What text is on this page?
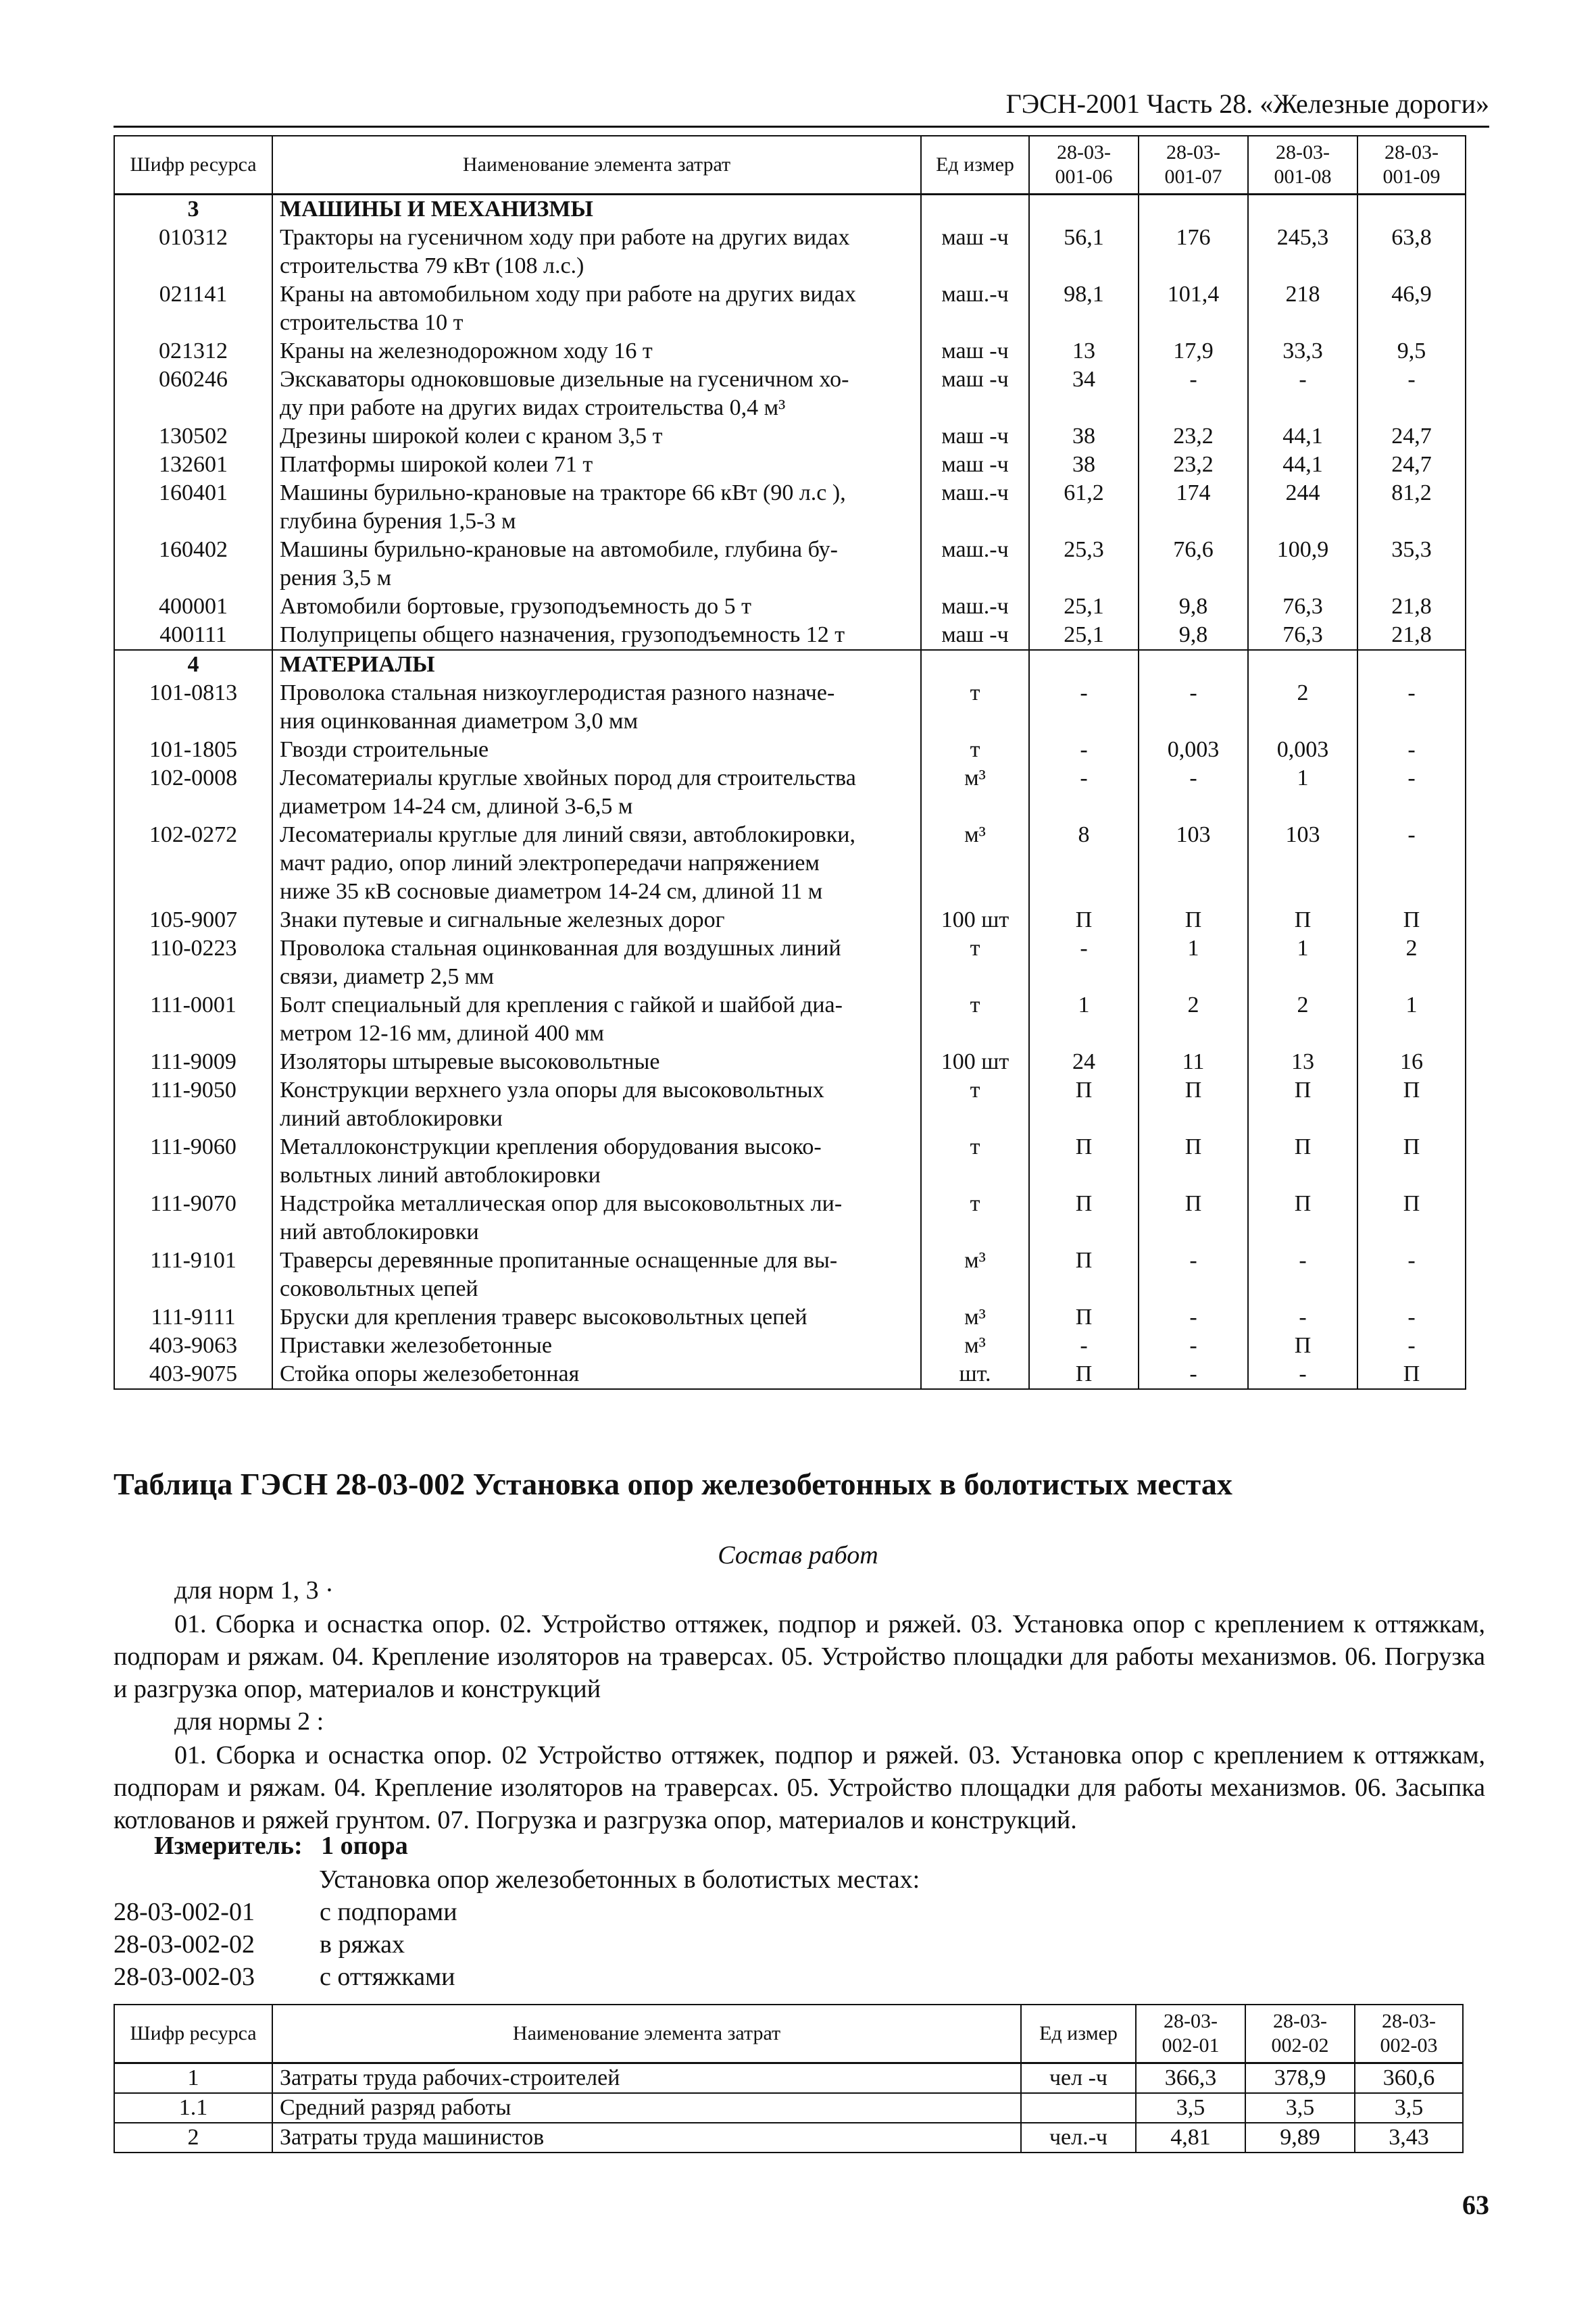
ГЭСН-2001 Часть 28. «Железные дороги»
Шифр ресурса	Наименование элемента затрат	Ед измер	28-03-
001-06	28-03-
001-07	28-03-
001-08	28-03-
001-09

3	МАШИНЫ И МЕХАНИЗМЫ					

010312	Тракторы на гусеничном ходу при работе на других видах
строительства 79 кВт (108 л.с.)	маш -ч	56,1	176	245,3	63,8
021141	Краны на автомобильном ходу при работе на других видах
строительства 10 т	маш.-ч	98,1	101,4	218	46,9
021312	Краны на железнодорожном ходу 16 т	маш -ч	13	17,9	33,3	9,5
060246	Экскаваторы одноковшовые дизельные на гусеничном хо-
ду при работе на других видах строительства 0,4 м³	маш -ч	34	-	-	-
130502	Дрезины широкой колеи с краном 3,5 т	маш -ч	38	23,2	44,1	24,7
132601	Платформы широкой колеи 71 т	маш -ч	38	23,2	44,1	24,7
160401	Машины бурильно-крановые на тракторе 66 кВт (90 л.с ),
глубина бурения 1,5-3 м	маш.-ч	61,2	174	244	81,2
160402	Машины бурильно-крановые на автомобиле, глубина бу-
рения 3,5 м	маш.-ч	25,3	76,6	100,9	35,3
400001	Автомобили бортовые, грузоподъемность до 5 т	маш.-ч	25,1	9,8	76,3	21,8
400111	Полуприцепы общего назначения, грузоподъемность 12 т	маш -ч	25,1	9,8	76,3	21,8
4	МАТЕРИАЛЫ					

101-0813	Проволока стальная низкоуглеродистая разного назначе-
ния оцинкованная диаметром 3,0 мм	т	-	-	2	-
101-1805	Гвозди строительные	т	-	0,003	0,003	-
102-0008	Лесоматериалы круглые хвойных пород для строительства
диаметром 14-24 см, длиной 3-6,5 м	м³	-	-	1	-
102-0272	Лесоматериалы круглые для линий связи, автоблокировки,
мачт радио, опор линий электропередачи напряжением
ниже 35 кВ сосновые диаметром 14-24 см, длиной 11 м	м³	8	103	103	-
105-9007	Знаки путевые и сигнальные железных дорог	100 шт	П	П	П	П
110-0223	Проволока стальная оцинкованная для воздушных линий
связи, диаметр 2,5 мм	т	-	1	1	2
111-0001	Болт специальный для крепления с гайкой и шайбой диа-
метром 12-16 мм, длиной 400 мм	т	1	2	2	1
111-9009	Изоляторы штыревые высоковольтные	100 шт	24	11	13	16
111-9050	Конструкции верхнего узла опоры для высоковольтных
линий автоблокировки	т	П	П	П	П
111-9060	Металлоконструкции крепления оборудования высоко-
вольтных линий автоблокировки	т	П	П	П	П
111-9070	Надстройка металлическая опор для высоковольтных ли-
ний автоблокировки	т	П	П	П	П
111-9101	Траверсы деревянные пропитанные оснащенные для вы-
соковольтных цепей	м³	П	-	-	-
111-9111	Бруски для крепления траверс высоковольтных цепей	м³	П	-	-	-
403-9063	Приставки железобетонные	м³	-	-	П	-
403-9075	Стойка опоры железобетонная	шт.	П	-	-	П
Таблица ГЭСН 28-03-002 Установка опор железобетонных в болотистых местах
Состав работ
для норм 1, 3 ·
01. Сборка и оснастка опор. 02. Устройство оттяжек, подпор и ряжей. 03. Установка опор с креплением к оттяжкам, подпорам и ряжам. 04. Крепление изоляторов на траверсах. 05. Устройство площадки для работы механизмов. 06. Погрузка и разгрузка опор, материалов и конструкций
для нормы 2 :
01. Сборка и оснастка опор. 02 Устройство оттяжек, подпор и ряжей. 03. Установка опор с креплением к оттяжкам, подпорам и ряжам. 04. Крепление изоляторов на траверсах. 05. Устройство площадки для работы механизмов. 06. Засыпка котлованов и ряжей грунтом. 07. Погрузка и разгрузка опор, материалов и конструкций.
Измеритель: 1 опора
Установка опор железобетонных в болотистых местах:
28-03-002-01	с подпорами
28-03-002-02	в ряжах
28-03-002-03	с оттяжками
Шифр ресурса	Наименование элемента затрат	Ед измер	28-03-
002-01	28-03-
002-02	28-03-
002-03

1	Затраты труда рабочих-строителей	чел -ч	366,3	378,9	360,6
1.1	Средний разряд работы		3,5	3,5	3,5
2	Затраты труда машинистов	чел.-ч	4,81	9,89	3,43
63
